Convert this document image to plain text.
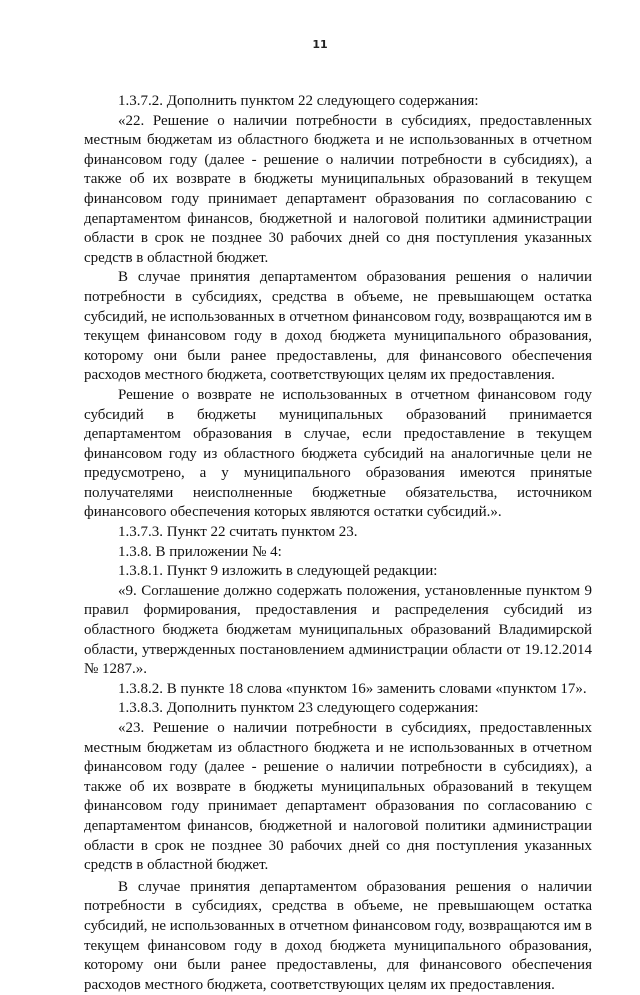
11

1.3.7.2. Дополнить пунктом 22 следующего содержания:

«22. Решение о наличии потребности в субсидиях, предоставленных местным бюджетам из областного бюджета и не использованных в отчетном финансовом году (далее - решение о наличии потребности в субсидиях), а также об их возврате в бюджеты муниципальных образований в текущем финансовом году принимает департамент образования по согласованию с департаментом финансов, бюджетной и налоговой политики администрации области в срок не позднее 30 рабочих дней со дня поступления указанных средств в областной бюджет.

В случае принятия департаментом образования решения о наличии потребности в субсидиях, средства в объеме, не превышающем остатка субсидий, не использованных в отчетном финансовом году, возвращаются им в текущем финансовом году в доход бюджета муниципального образования, которому они были ранее предоставлены, для финансового обеспечения расходов местного бюджета, соответствующих целям их предоставления.

Решение о возврате не использованных в отчетном финансовом году субсидий в бюджеты муниципальных образований принимается департаментом образования в случае, если предоставление в текущем финансовом году из областного бюджета субсидий на аналогичные цели не предусмотрено, а у муниципального образования имеются принятые получателями неисполненные бюджетные обязательства, источником финансового обеспечения которых являются остатки субсидий.».

1.3.7.3. Пункт 22 считать пунктом 23.

1.3.8. В приложении № 4:

1.3.8.1. Пункт 9 изложить в следующей редакции:

«9. Соглашение должно содержать положения, установленные пунктом 9 правил формирования, предоставления и распределения субсидий из областного бюджета бюджетам муниципальных образований Владимирской области, утвержденных постановлением администрации области от 19.12.2014 № 1287.».

1.3.8.2. В пункте 18 слова «пунктом 16» заменить словами «пунктом 17».

1.3.8.3. Дополнить пунктом 23 следующего содержания:

«23. Решение о наличии потребности в субсидиях, предоставленных местным бюджетам из областного бюджета и не использованных в отчетном финансовом году (далее - решение о наличии потребности в субсидиях), а также об их возврате в бюджеты муниципальных образований в текущем финансовом году принимает департамент образования по согласованию с департаментом финансов, бюджетной и налоговой политики администрации области в срок не позднее 30 рабочих дней со дня поступления указанных средств в областной бюджет.

В случае принятия департаментом образования решения о наличии потребности в субсидиях, средства в объеме, не превышающем остатка субсидий, не использованных в отчетном финансовом году, возвращаются им в текущем финансовом году в доход бюджета муниципального образования, которому они были ранее предоставлены, для финансового обеспечения расходов местного бюджета, соответствующих целям их предоставления.
